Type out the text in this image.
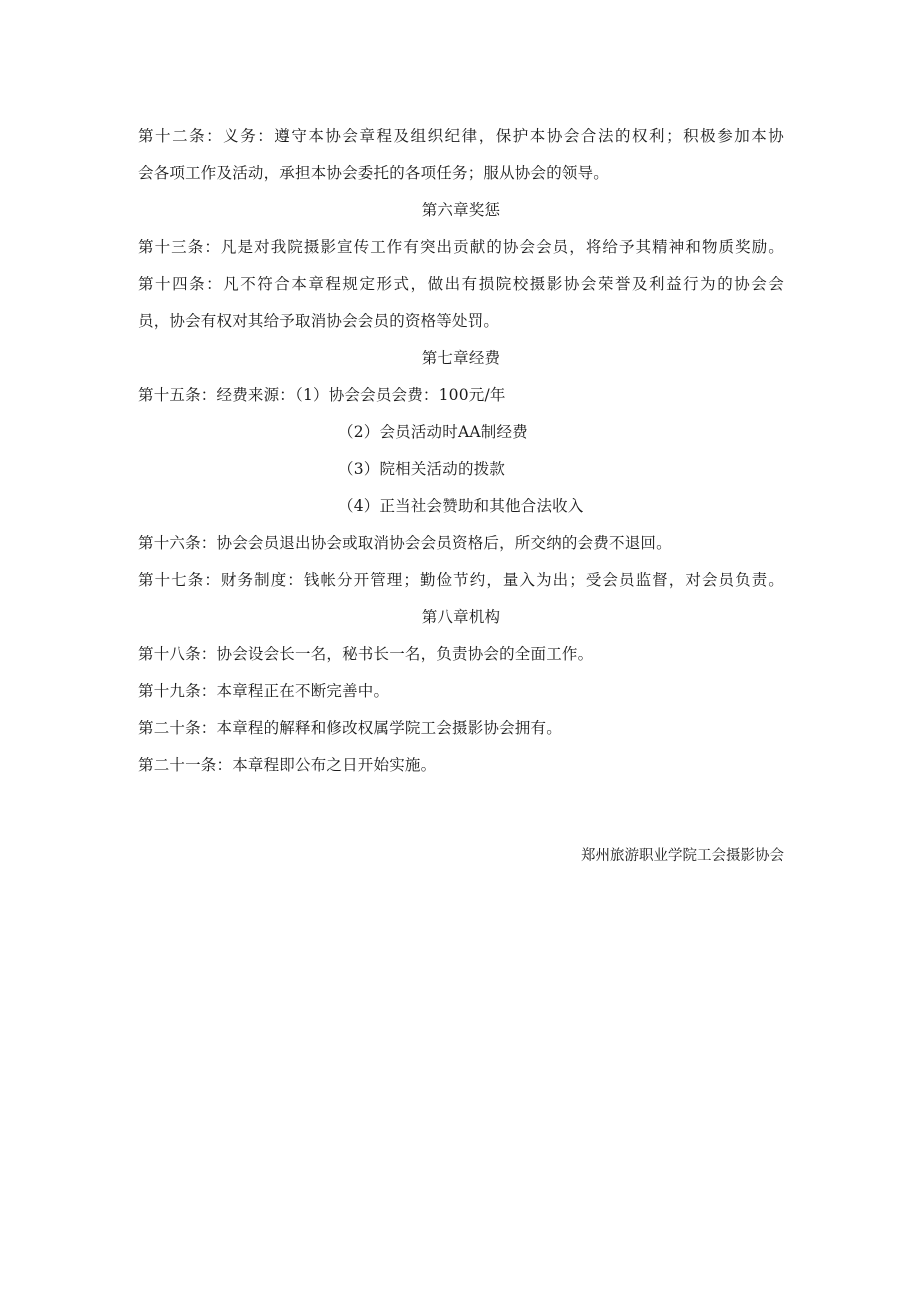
第十二条：义务：遵守本协会章程及组织纪律，保护本协会合法的权利；积极参加本协
会各项工作及活动，承担本协会委托的各项任务；服从协会的领导。
第六章奖惩
第十三条：凡是对我院摄影宣传工作有突出贡献的协会会员，将给予其精神和物质奖励。
第十四条：凡不符合本章程规定形式，做出有损院校摄影协会荣誉及利益行为的协会会
员，协会有权对其给予取消协会会员的资格等处罚。
第七章经费
第十五条：经费来源：（1）协会会员会费：100元/年
（2）会员活动时AA制经费
（3）院相关活动的拨款
（4）正当社会赞助和其他合法收入
第十六条：协会会员退出协会或取消协会会员资格后，所交纳的会费不退回。
第十七条：财务制度：钱帐分开管理；勤俭节约，量入为出；受会员监督，对会员负责。
第八章机构
第十八条：协会设会长一名，秘书长一名，负责协会的全面工作。
第十九条：本章程正在不断完善中。
第二十条：本章程的解释和修改权属学院工会摄影协会拥有。
第二十一条：本章程即公布之日开始实施。
郑州旅游职业学院工会摄影协会
